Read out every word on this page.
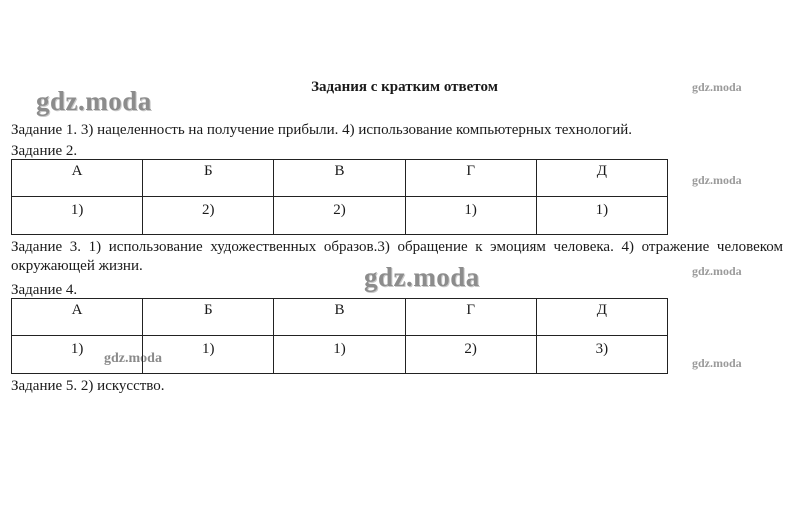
gdz.moda	gdz.moda
gdz.moda
gdz.moda	gdz.moda
gdz.moda	gdz.moda
Задания с кратким ответом
Задание 1. 3) нацеленность на получение прибыли. 4) использование компьютерных технологий.
Задание 2.
А	Б	В	Г	Д
1)	2)	2)	1)	1)
Задание 3. 1) использование художественных образов.3) обращение к эмоциям человека. 4) отражение человеком окружающей жизни.
Задание 4.
А	Б	В	Г	Д
1)	1)	1)	2)	3)
Задание 5. 2) искусство.
